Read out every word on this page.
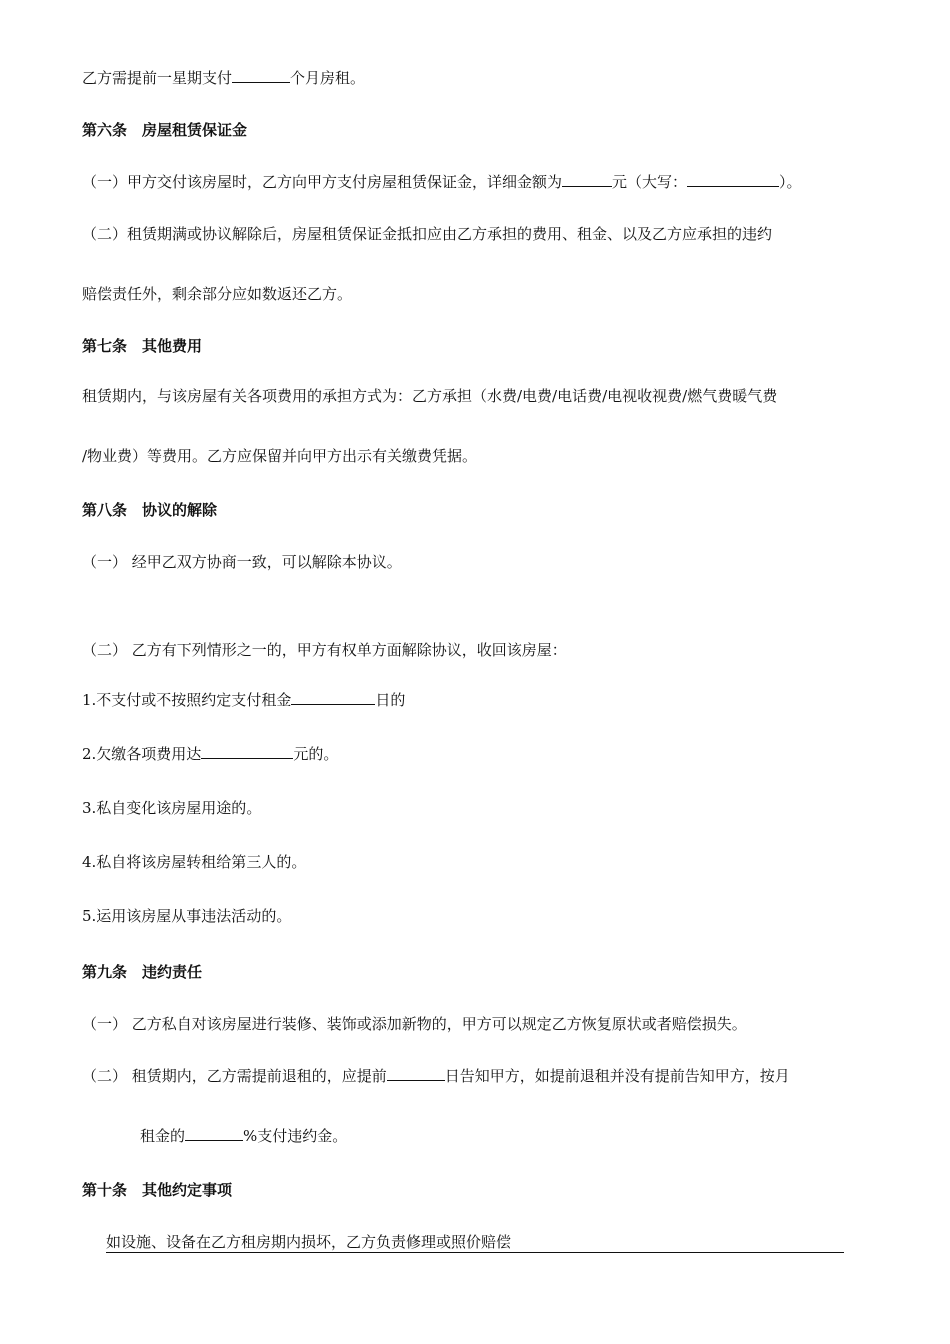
乙方需提前一星期支付	个月房租。
第六条　房屋租赁保证金
（一）甲方交付该房屋时，乙方向甲方支付房屋租赁保证金，详细金额为	元（大写：	）。
（二）租赁期满或协议解除后，房屋租赁保证金抵扣应由乙方承担的费用、租金、以及乙方应承担的违约
赔偿责任外，剩余部分应如数返还乙方。
第七条　其他费用
租赁期内，与该房屋有关各项费用的承担方式为：乙方承担（水费/电费/电话费/电视收视费/燃气费暖气费
/物业费）等费用。乙方应保留并向甲方出示有关缴费凭据。
第八条　协议的解除
（一） 经甲乙双方协商一致，可以解除本协议。
（二） 乙方有下列情形之一的，甲方有权单方面解除协议，收回该房屋：
1.不支付或不按照约定支付租金	日的
2.欠缴各项费用达	元的。
3.私自变化该房屋用途的。
4.私自将该房屋转租给第三人的。
5.运用该房屋从事违法活动的。
第九条　违约责任
（一） 乙方私自对该房屋进行装修、装饰或添加新物的，甲方可以规定乙方恢复原状或者赔偿损失。
（二） 租赁期内，乙方需提前退租的，应提前	日告知甲方，如提前退租并没有提前告知甲方，按月
租金的	%支付违约金。
第十条　其他约定事项
如设施、设备在乙方租房期内损坏，乙方负责修理或照价赔偿
